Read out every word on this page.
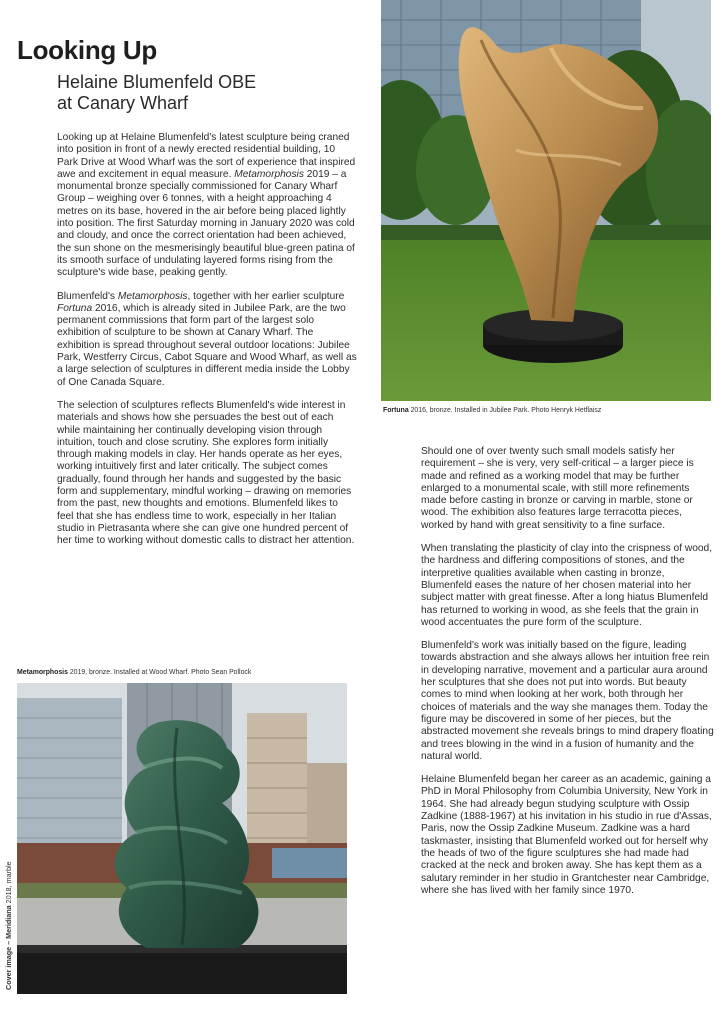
Looking Up
Helaine Blumenfeld OBE
at Canary Wharf

Looking up at Helaine Blumenfeld's latest sculpture being craned into position in front of a newly erected residential building, 10 Park Drive at Wood Wharf was the sort of experience that inspired awe and excitement in equal measure. Metamorphosis 2019 – a monumental bronze specially commissioned for Canary Wharf Group – weighing over 6 tonnes, with a height approaching 4 metres on its base, hovered in the air before being placed lightly into position. The first Saturday morning in January 2020 was cold and cloudy, and once the correct orientation had been achieved, the sun shone on the mesmerisingly beautiful blue-green patina of its smooth surface of undulating layered forms rising from the sculpture's wide base, peaking gently.

Blumenfeld's Metamorphosis, together with her earlier sculpture Fortuna 2016, which is already sited in Jubilee Park, are the two permanent commissions that form part of the largest solo exhibition of sculpture to be shown at Canary Wharf. The exhibition is spread throughout several outdoor locations: Jubilee Park, Westferry Circus, Cabot Square and Wood Wharf, as well as a large selection of sculptures in different media inside the Lobby of One Canada Square.

The selection of sculptures reflects Blumenfeld's wide interest in materials and shows how she persuades the best out of each while maintaining her continually developing vision through intuition, touch and close scrutiny. She explores form initially through making models in clay. Her hands operate as her eyes, working intuitively first and later critically. The subject comes gradually, found through her hands and suggested by the basic form and supplementary, mindful working – drawing on memories from the past, new thoughts and emotions. Blumenfeld likes to feel that she has endless time to work, especially in her Italian studio in Pietrasanta where she can give one hundred percent of her time to working without domestic calls to distract her attention.

Should one of over twenty such small models satisfy her requirement – she is very, very self-critical – a larger piece is made and refined as a working model that may be further enlarged to a monumental scale, with still more refinements made before casting in bronze or carving in marble, stone or wood. The exhibition also features large terracotta pieces, worked by hand with great sensitivity to a fine surface.

When translating the plasticity of clay into the crispness of wood, the hardness and differing compositions of stones, and the interpretive qualities available when casting in bronze, Blumenfeld eases the nature of her chosen material into her subject matter with great finesse. After a long hiatus Blumenfeld has returned to working in wood, as she feels that the grain in wood accentuates the pure form of the sculpture.

Blumenfeld's work was initially based on the figure, leading towards abstraction and she always allows her intuition free rein in developing narrative, movement and a particular aura around her sculptures that she does not put into words. But beauty comes to mind when looking at her work, both through her choices of materials and the way she manages them. Today the figure may be discovered in some of her pieces, but the abstracted movement she reveals brings to mind drapery floating and trees blowing in the wind in a fusion of humanity and the natural world.

Helaine Blumenfeld began her career as an academic, gaining a PhD in Moral Philosophy from Columbia University, New York in 1964. She had already begun studying sculpture with Ossip Zadkine (1888-1967) at his invitation in his studio in rue d'Assas, Paris, now the Ossip Zadkine Museum. Zadkine was a hard taskmaster, insisting that Blumenfeld worked out for herself why the heads of two of the figure sculptures she had made had cracked at the neck and broken away. She has kept them as a salutary reminder in her studio in Grantchester near Cambridge, where she has lived with her family since 1970.

Fortuna 2016, bronze. Installed in Jubilee Park. Photo Henryk Hetflaisz
Metamorphosis 2019, bronze. Installed at Wood Wharf. Photo Sean Pollock
Cover image – Meridiana 2018, marble
